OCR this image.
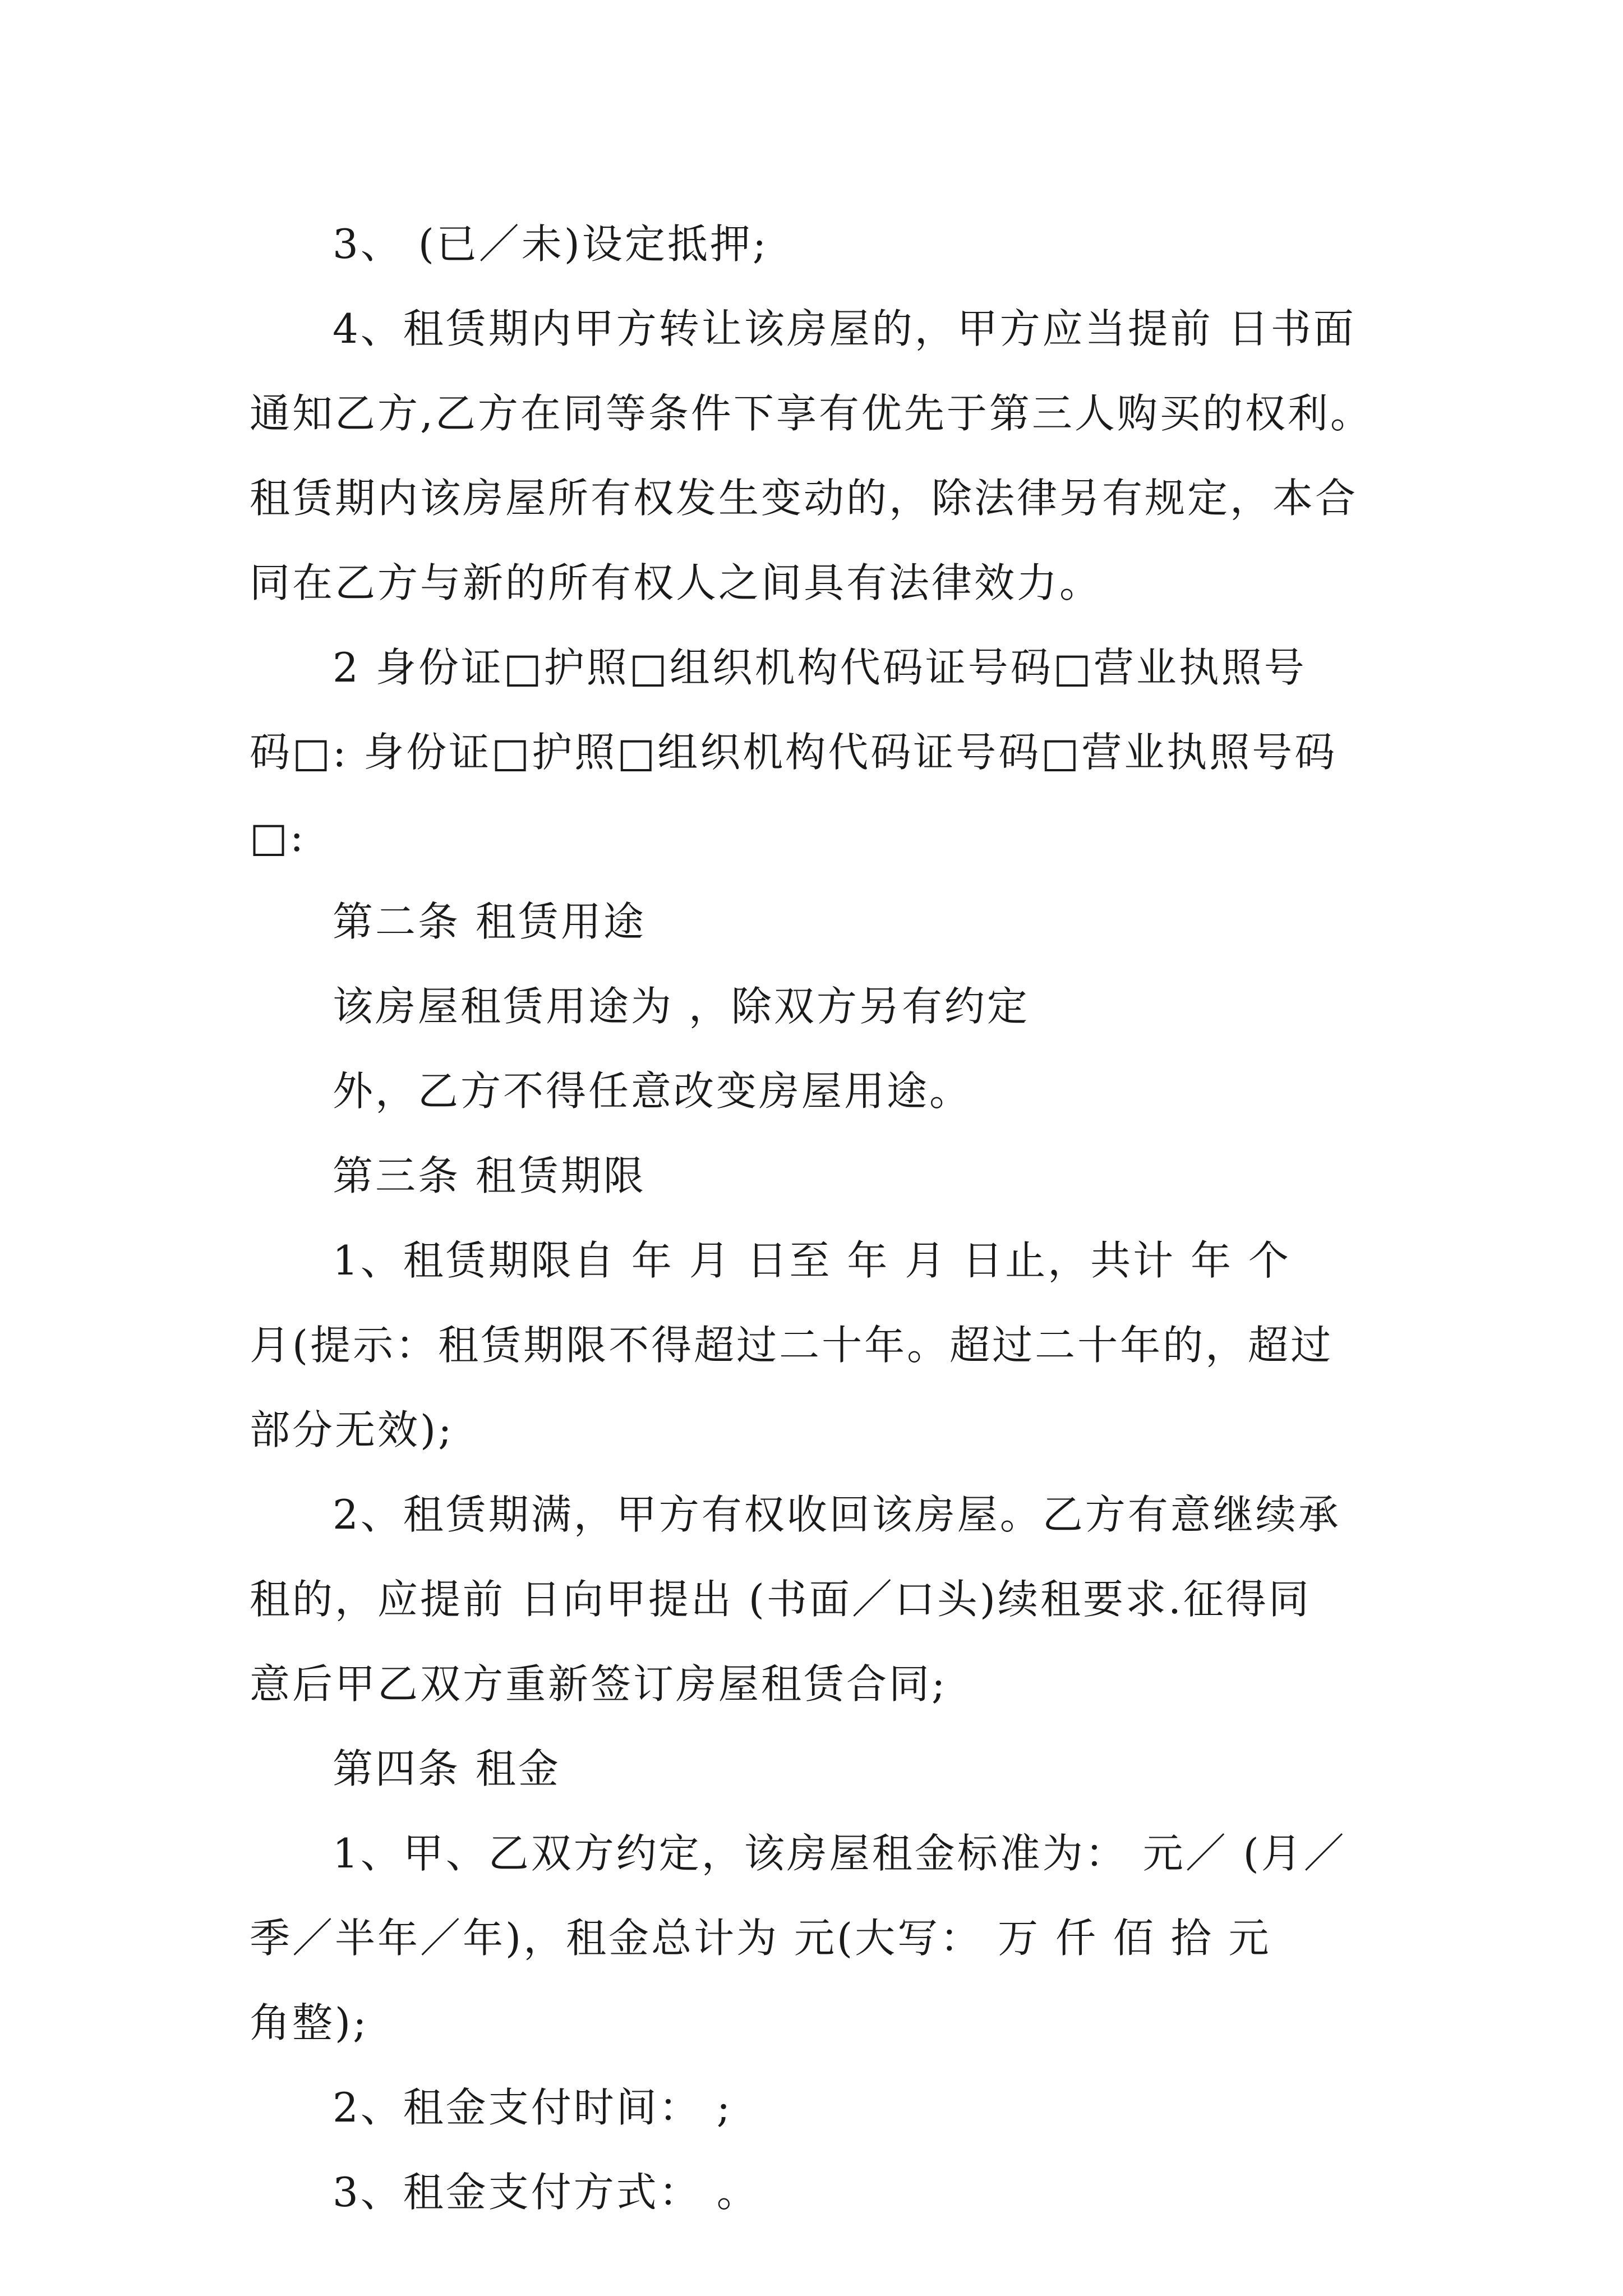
3、 (已／未)设定抵押;
4、租赁期内甲方转让该房屋的，甲方应当提前 日书面
通知乙方,乙方在同等条件下享有优先于第三人购买的权利。
租赁期内该房屋所有权发生变动的，除法律另有规定，本合
同在乙方与新的所有权人之间具有法律效力。
2 身份证□护照□组织机构代码证号码□营业执照号
码□: 身份证□护照□组织机构代码证号码□营业执照号码
□:
第二条 租赁用途
该房屋租赁用途为 ，除双方另有约定
外，乙方不得任意改变房屋用途。
第三条 租赁期限
1、租赁期限自 年 月 日至 年 月 日止，共计 年 个
月(提示：租赁期限不得超过二十年。超过二十年的，超过
部分无效);
2、租赁期满，甲方有权收回该房屋。乙方有意继续承
租的，应提前 日向甲提出 (书面／口头)续租要求.征得同
意后甲乙双方重新签订房屋租赁合同;
第四条 租金
1、甲、乙双方约定，该房屋租金标准为： 元／ (月／
季／半年／年)，租金总计为 元(大写： 万 仟 佰 拾 元
角整);
2、租金支付时间： ;
3、租金支付方式： 。
